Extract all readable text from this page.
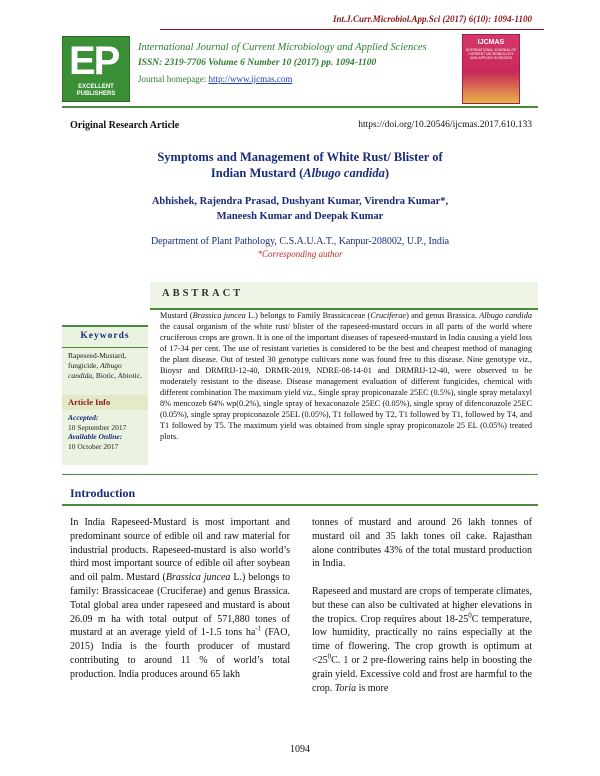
Int.J.Curr.Microbiol.App.Sci (2017) 6(10): 1094-1100
EP
EXCELLENT PUBLISHERS
International Journal of Current Microbiology and Applied Sciences
ISSN: 2319-7706 Volume 6 Number 10 (2017) pp. 1094-1100
Journal homepage: http://www.ijcmas.com
IJCMAS
INTERNATIONAL JOURNAL OF CURRENT MICROBIOLOGY AND APPLIED SCIENCES
Original Research Article	https://doi.org/10.20546/ijcmas.2017.610.133
Symptoms and Management of White Rust/ Blister of
Indian Mustard (Albugo candida)
Abhishek, Rajendra Prasad, Dushyant Kumar, Virendra Kumar*,
Maneesh Kumar and Deepak Kumar
Department of Plant Pathology, C.S.A.U.A.T., Kanpur-208002, U.P., India
*Corresponding author
ABSTRACT
Mustard (Brassica juncea L.) belongs to Family Brassicaceae (Cruciferae) and genus Brassica. Albugo candida the causal organism of the white rust/ blister of the rapeseed-mustard occurs in all parts of the world where cruciferous crops are grown. It is one of the important diseases of rapeseed-mustard in India causing a yield loss of 17-34 per cent. The use of resistant varieties is considered to be the best and cheapest method of managing the plant disease. Out of tested 30 genotype cultivars none was found free to this disease. Nine genotype viz., Bioysr and DRMRIJ-12-40, DRMR-2019, NDRE-08-14-01 and DRMRIJ-12-40, were observed to be moderately resistant to the disease. Disease management evaluation of different fungicides, chemical with different combination The maximum yield viz., Single spray propiconazale 25EC (0.5%), single spray metalaxyl 8% mencozeb 64% wp(0.2%), single spray of hexaconazole 25EC (0.05%), single spray of difenconazole 25EC (0.05%), single spray propiconazole 25EL (0.05%), T1 followed by T2, T1 followed by T1, followed by T4, and T1 followed by T5. The maximum yield was obtained from single spray propiconazole 25 EL (0.05%) treated plots.
Keywords
Rapeseed-Mustard, fungicide, Albugo candida, Biotic, Abiotic.
Article Info
Accepted:
10 September 2017
Available Online:
10 October 2017
Introduction

In India Rapeseed-Mustard is most important and predominant source of edible oil and raw material for industrial products. Rapeseed-mustard is also world’s third most important source of edible oil after soybean and oil palm. Mustard (Brassica juncea L.) belongs to family: Brassicaceae (Cruciferae) and genus Brassica. Total global area under rapeseed and mustard is about 26.09 m ha with total output of 571,880 tones of mustard at an average yield of 1-1.5 tons $ha^{-1}$ (FAO, 2015) India is the fourth producer of mustard contributing to around 11 % of world’s total production. India produces around 65 lakh

tonnes of mustard and around 26 lakh tonnes of mustard oil and 35 lakh tones oil cake. Rajasthan alone contributes 43% of the total mustard production in India.

Rapeseed and mustard are crops of temperate climates, but these can also be cultivated at higher elevations in the tropics. Crop requires about $18-25^0C$ temperature, low humidity, practically no rains especially at the time of flowering. The crop growth is optimum at $<25^0C$. 1 or 2 pre-flowering rains help in boosting the grain yield. Excessive cold and frost are harmful to the crop. Toria is more

1094
